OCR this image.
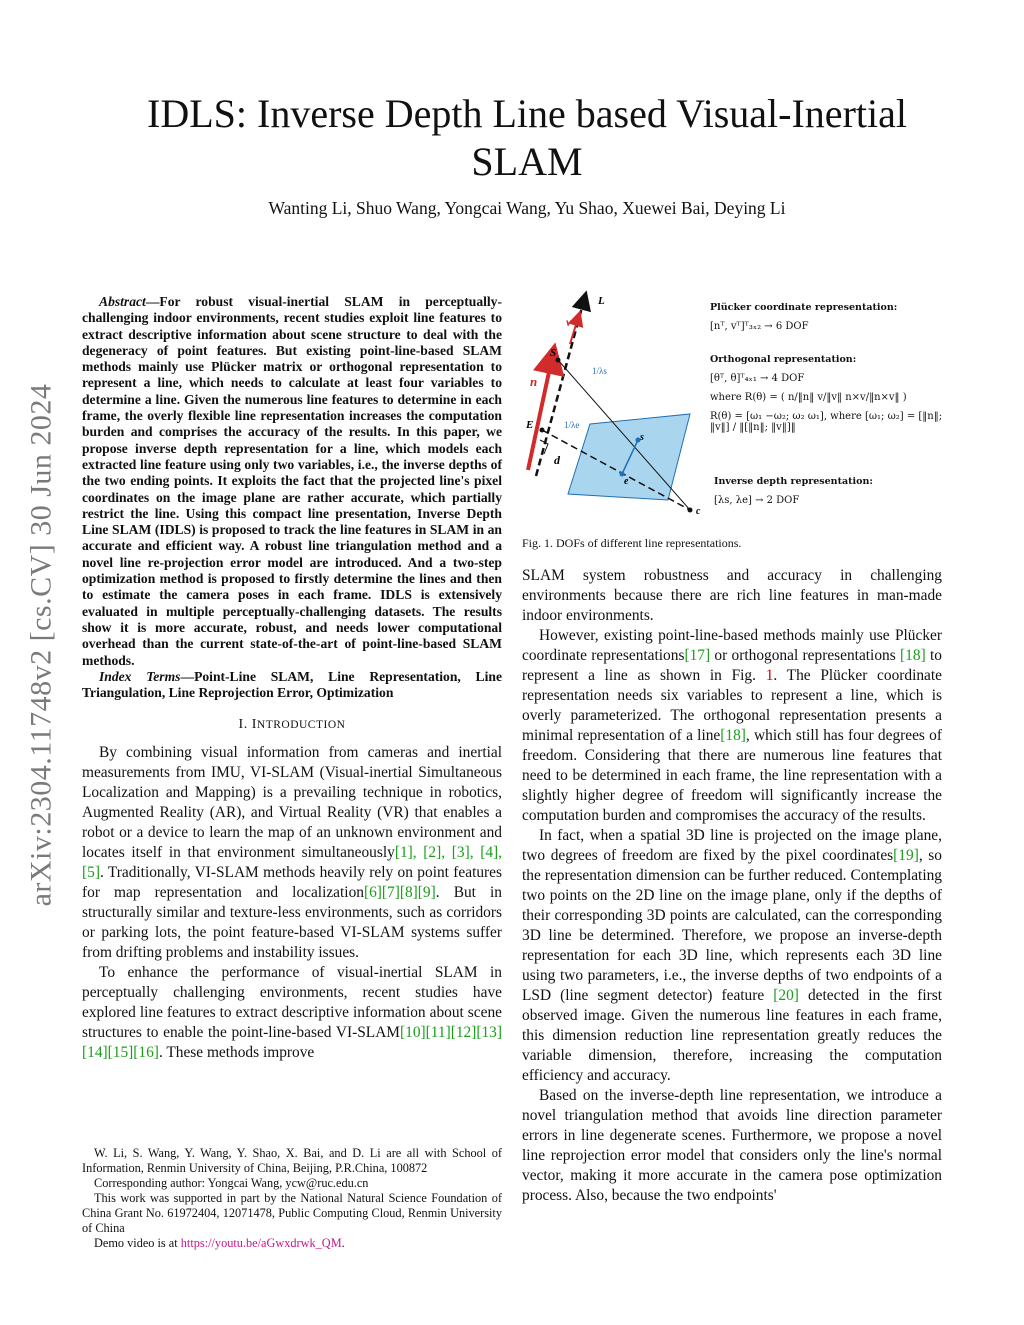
arXiv:2304.11748v2 [cs.CV] 30 Jun 2024
IDLS: Inverse Depth Line based Visual-Inertial
SLAM
Wanting Li, Shuo Wang, Yongcai Wang, Yu Shao, Xuewei Bai, Deying Li

Abstract—For robust visual-inertial SLAM in perceptually-challenging indoor environments, recent studies exploit line features to extract descriptive information about scene structure to deal with the degeneracy of point features. But existing point-line-based SLAM methods mainly use Plücker matrix or orthogonal representation to represent a line, which needs to calculate at least four variables to determine a line. Given the numerous line features to determine in each frame, the overly flexible line representation increases the computation burden and comprises the accuracy of the results. In this paper, we propose inverse depth representation for a line, which models each extracted line feature using only two variables, i.e., the inverse depths of the two ending points. It exploits the fact that the projected line's pixel coordinates on the image plane are rather accurate, which partially restrict the line. Using this compact line presentation, Inverse Depth Line SLAM (IDLS) is proposed to track the line features in SLAM in an accurate and efficient way. A robust line triangulation method and a novel line re-projection error model are introduced. And a two-step optimization method is proposed to firstly determine the lines and then to estimate the camera poses in each frame. IDLS is extensively evaluated in multiple perceptually-challenging datasets. The results show it is more accurate, robust, and needs lower computational overhead than the current state-of-the-art of point-line-based SLAM methods.

Index Terms—Point-Line SLAM, Line Representation, Line Triangulation, Line Reprojection Error, Optimization

I. INTRODUCTION

By combining visual information from cameras and inertial measurements from IMU, VI-SLAM (Visual-inertial Simultaneous Localization and Mapping) is a prevailing technique in robotics, Augmented Reality (AR), and Virtual Reality (VR) that enables a robot or a device to learn the map of an unknown environment and locates itself in that environment simultaneously[1], [2], [3], [4], [5]. Traditionally, VI-SLAM methods heavily rely on point features for map representation and localization[6][7][8][9]. But in structurally similar and texture-less environments, such as corridors or parking lots, the point feature-based VI-SLAM systems suffer from drifting problems and instability issues.

To enhance the performance of visual-inertial SLAM in perceptually challenging environments, recent studies have explored line features to extract descriptive information about scene structures to enable the point-line-based VI-SLAM[10][11][12][13][14][15][16]. These methods improve

W. Li, S. Wang, Y. Wang, Y. Shao, X. Bai, and D. Li are all with School of Information, Renmin University of China, Beijing, P.R.China, 100872

Corresponding author: Yongcai Wang, ycw@ruc.edu.cn

This work was supported in part by the National Natural Science Foundation of China Grant No. 61972404, 12071478, Public Computing Cloud, Renmin University of China

Demo video is at https://youtu.be/aGwxdrwk_QM.

L
v
S
n
E
d
s
e
c
1/λs
1/λe
Plücker coordinate representation:
[nᵀ, vᵀ]ᵀ₃ₓ₂ → 6 DOF
Orthogonal representation:
[θᵀ, θ]ᵀ₄ₓ₁ → 4 DOF
where R(θ) = ( n/‖n‖ v/‖v‖ n×v/‖n×v‖ )
R(θ) = [ω₁ −ω₂; ω₂ ω₁], where [ω₁; ω₂] = [‖n‖; ‖v‖] / ‖[‖n‖; ‖v‖]‖
Inverse depth representation:
[λs, λe] → 2 DOF
Fig. 1. DOFs of different line representations.

SLAM system robustness and accuracy in challenging environments because there are rich line features in man-made indoor environments.

However, existing point-line-based methods mainly use Plücker coordinate representations[17] or orthogonal representations [18] to represent a line as shown in Fig. 1. The Plücker coordinate representation needs six variables to represent a line, which is overly parameterized. The orthogonal representation presents a minimal representation of a line[18], which still has four degrees of freedom. Considering that there are numerous line features that need to be determined in each frame, the line representation with a slightly higher degree of freedom will significantly increase the computation burden and compromises the accuracy of the results.

In fact, when a spatial 3D line is projected on the image plane, two degrees of freedom are fixed by the pixel coordinates[19], so the representation dimension can be further reduced. Contemplating two points on the 2D line on the image plane, only if the depths of their corresponding 3D points are calculated, can the corresponding 3D line be determined. Therefore, we propose an inverse-depth representation for each 3D line, which represents each 3D line using two parameters, i.e., the inverse depths of two endpoints of a LSD (line segment detector) feature [20] detected in the first observed image. Given the numerous line features in each frame, this dimension reduction line representation greatly reduces the variable dimension, therefore, increasing the computation efficiency and accuracy.

Based on the inverse-depth line representation, we introduce a novel triangulation method that avoids line direction parameter errors in line degenerate scenes. Furthermore, we propose a novel line reprojection error model that considers only the line's normal vector, making it more accurate in the camera pose optimization process. Also, because the two endpoints'
